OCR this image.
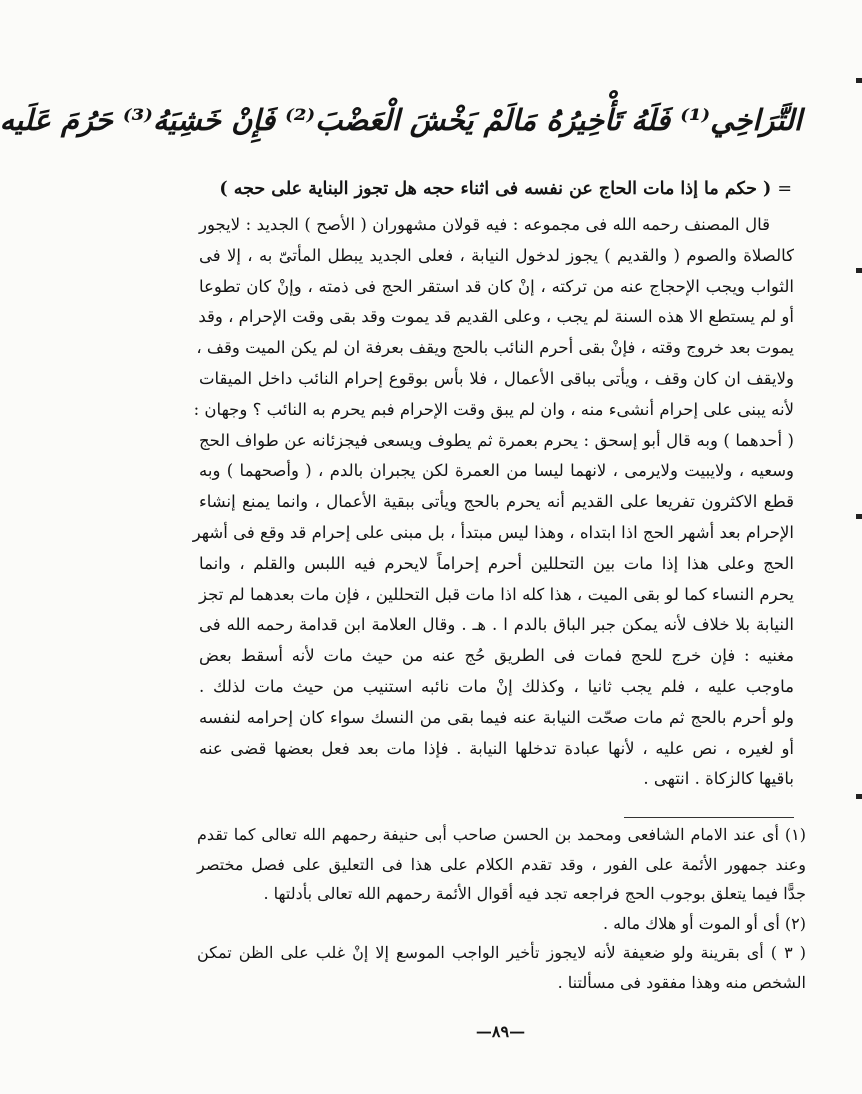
التَّرَاخِي⁽¹⁾ فَلَهُ تَأْخِيرُهُ مَالَمْ يَخْشَ الْعَضْبَ⁽²⁾ فَإِنْ خَشِيَهُ⁽³⁾ حَرُمَ عَلَيه
=( حكم ما إذا مات الحاج عن نفسه فى اثناء حجه هل تجوز البناية على حجه )
قال المصنف رحمه الله فى مجموعه : فيه قولان مشهوران ( الأصح ) الجديد : لايجور
كالصلاة والصوم ( والقديم ) يجوز لدخول النيابة ، فعلى الجديد يبطل المأتىّ به ، إلا فى
الثواب ويجب الإحجاج عنه من تركته ، إنْ كان قد استقر الحج فى ذمته ، وإنْ كان تطوعا
أو لم يستطع الا هذه السنة لم يجب ، وعلى القديم قد يموت وقد بقى وقت الإحرام ، وقد
يموت بعد خروج وقته ، فإنْ بقى أحرم النائب بالحج ويقف بعرفة ان لم يكن الميت وقف ،
ولايقف ان كان وقف ، ويأتى بباقى الأعمال ، فلا بأس بوقوع إحرام النائب داخل الميقات
لأنه يبنى على إحرام أنشىء منه ، وان لم يبق وقت الإحرام فبم يحرم به النائب ؟ وجهان :
( أحدهما ) وبه قال أبو إسحق : يحرم بعمرة ثم يطوف ويسعى فيجزئانه عن طواف الحج
وسعيه ، ولايبيت ولايرمى ، لانهما ليسا من العمرة لكن يجبران بالدم ، ( وأصحهما ) وبه
قطع الاكثرون تفريعا على القديم أنه يحرم بالحج ويأتى ببقية الأعمال ، وانما يمنع إنشاء
الإحرام بعد أشهر الحج اذا ابتداه ، وهذا ليس مبتدأ ، بل مبنى على إحرام قد وقع فى أشهر
الحج وعلى هذا إذا مات بين التحللين أحرم إحراماً لايحرم فيه اللبس والقلم ، وانما
يحرم النساء كما لو بقى الميت ، هذا كله اذا مات قبل التحللين ، فإن مات بعدهما لم تجز
النيابة بلا خلاف لأنه يمكن جبر الباق بالدم ا . هـ . وقال العلامة ابن قدامة رحمه الله فى
مغنيه : فإن خرج للحج فمات فى الطريق حُج عنه من حيث مات لأنه أسقط بعض
ماوجب عليه ، فلم يجب ثانيا ، وكذلك إنْ مات نائبه استنيب من حيث مات لذلك .
ولو أحرم بالحج ثم مات صحّت النيابة عنه فيما بقى من النسك سواء كان إحرامه لنفسه
أو لغيره ، نص عليه ، لأنها عبادة تدخلها النيابة . فإذا مات بعد فعل بعضها قضى عنه
باقيها كالزكاة . انتهى .
(١) أى عند الامام الشافعى ومحمد بن الحسن صاحب أبى حنيفة رحمهم الله تعالى كما تقدم
وعند جمهور الأئمة على الفور ، وقد تقدم الكلام على هذا فى التعليق على فصل مختصر
جدًّا فيما يتعلق بوجوب الحج فراجعه تجد فيه أقوال الأئمة رحمهم الله تعالى بأدلتها .
(٢) أى أو الموت أو هلاك ماله .
( ٣ ) أى بقرينة ولو ضعيفة لأنه لايجوز تأخير الواجب الموسع إلا إنْ غلب على الظن تمكن
الشخص منه وهذا مفقود فى مسألتنا .
—٨٩—
